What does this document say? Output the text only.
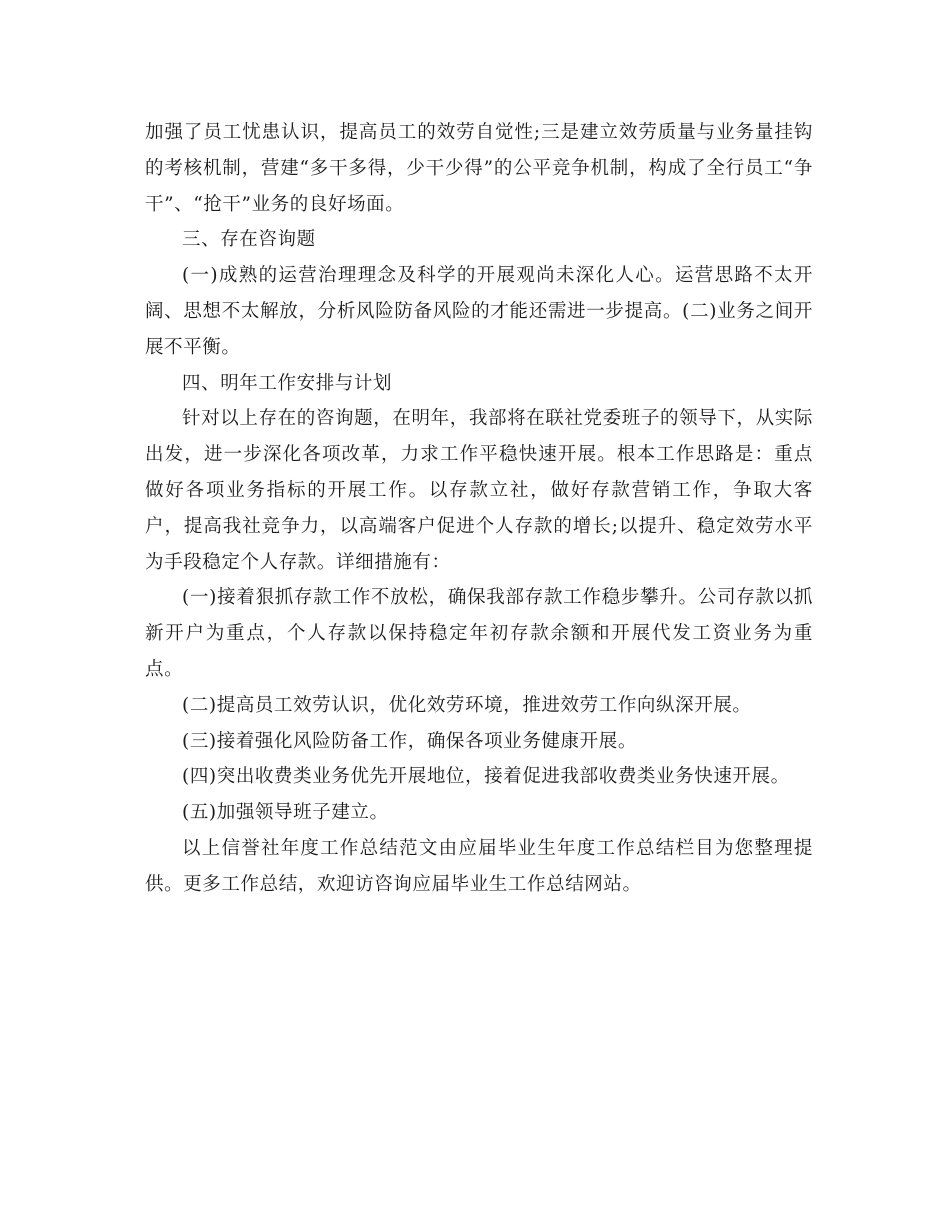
加强了员工忧患认识，提高员工的效劳自觉性;三是建立效劳质量与业务量挂钩的考核机制，营建“多干多得，少干少得”的公平竞争机制，构成了全行员工“争干”、“抢干”业务的良好场面。

三、存在咨询题

(一)成熟的运营治理理念及科学的开展观尚未深化人心。运营思路不太开阔、思想不太解放，分析风险防备风险的才能还需进一步提高。(二)业务之间开展不平衡。

四、明年工作安排与计划

针对以上存在的咨询题，在明年，我部将在联社党委班子的领导下，从实际出发，进一步深化各项改革，力求工作平稳快速开展。根本工作思路是：重点做好各项业务指标的开展工作。以存款立社，做好存款营销工作，争取大客户，提高我社竞争力，以高端客户促进个人存款的增长;以提升、稳定效劳水平为手段稳定个人存款。详细措施有：

(一)接着狠抓存款工作不放松，确保我部存款工作稳步攀升。公司存款以抓新开户为重点，个人存款以保持稳定年初存款余额和开展代发工资业务为重点。

(二)提高员工效劳认识，优化效劳环境，推进效劳工作向纵深开展。

(三)接着强化风险防备工作，确保各项业务健康开展。

(四)突出收费类业务优先开展地位，接着促进我部收费类业务快速开展。

(五)加强领导班子建立。

以上信誉社年度工作总结范文由应届毕业生年度工作总结栏目为您整理提供。更多工作总结，欢迎访咨询应届毕业生工作总结网站。
